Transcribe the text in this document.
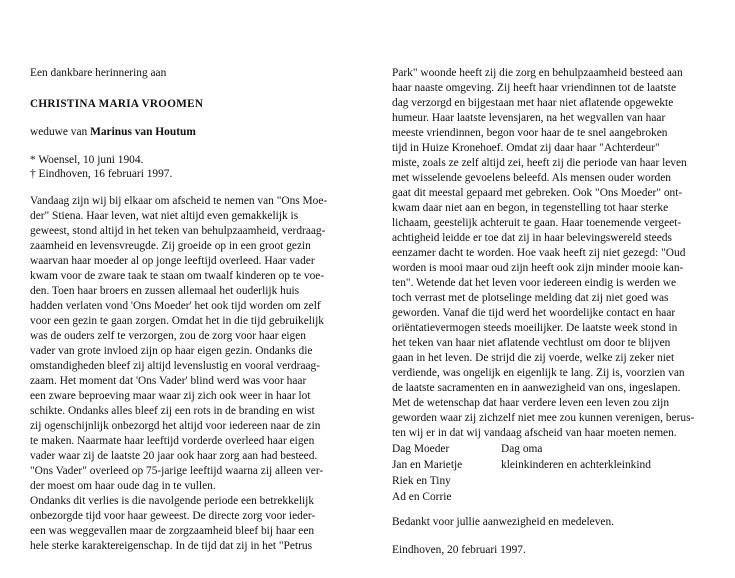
Een dankbare herinnering aan
CHRISTINA MARIA VROOMEN
weduwe van Marinus van Houtum
* Woensel, 10 juni 1904.
† Eindhoven, 16 februari 1997.
Vandaag zijn wij bij elkaar om afscheid te nemen van "Ons Moe-
der" Stiena. Haar leven, wat niet altijd even gemakkelijk is
geweest, stond altijd in het teken van behulpzaamheid, verdraag-
zaamheid en levensvreugde. Zij groeide op in een groot gezin
waarvan haar moeder al op jonge leeftijd overleed. Haar vader
kwam voor de zware taak te staan om twaalf kinderen op te voe-
den. Toen haar broers en zussen allemaal het ouderlijk huis
hadden verlaten vond 'Ons Moeder' het ook tijd worden om zelf
voor een gezin te gaan zorgen. Omdat het in die tijd gebruikelijk
was de ouders zelf te verzorgen, zou de zorg voor haar eigen
vader van grote invloed zijn op haar eigen gezin. Ondanks die
omstandigheden bleef zij altijd levenslustig en vooral verdraag-
zaam. Het moment dat 'Ons Vader' blind werd was voor haar
een zware beproeving maar waar zij zich ook weer in haar lot
schikte. Ondanks alles bleef zij een rots in de branding en wist
zij ogenschijnlijk onbezorgd het altijd voor iedereen naar de zin
te maken. Naarmate haar leeftijd vorderde overleed haar eigen
vader waar zij de laatste 20 jaar ook haar zorg aan had besteed.
"Ons Vader" overleed op 75-jarige leeftijd waarna zij alleen ver-
der moest om haar oude dag in te vullen.
Ondanks dit verlies is die navolgende periode een betrekkelijk
onbezorgde tijd voor haar geweest. De directe zorg voor ieder-
een was weggevallen maar de zorgzaamheid bleef bij haar een
hele sterke karaktereigenschap. In de tijd dat zij in het "Petrus
Park" woonde heeft zij die zorg en behulpzaamheid besteed aan
haar naaste omgeving. Zij heeft haar vriendinnen tot de laatste
dag verzorgd en bijgestaan met haar niet aflatende opgewekte
humeur. Haar laatste levensjaren, na het wegvallen van haar
meeste vriendinnen, begon voor haar de te snel aangebroken
tijd in Huize Kronehoef. Omdat zij daar haar "Achterdeur"
miste, zoals ze zelf altijd zei, heeft zij die periode van haar leven
met wisselende gevoelens beleefd. Als mensen ouder worden
gaat dit meestal gepaard met gebreken. Ook "Ons Moeder" ont-
kwam daar niet aan en begon, in tegenstelling tot haar sterke
lichaam, geestelijk achteruit te gaan. Haar toenemende vergeet-
achtigheid leidde er toe dat zij in haar belevingswereld steeds
eenzamer dacht te worden. Hoe vaak heeft zij niet gezegd: "Oud
worden is mooi maar oud zijn heeft ook zijn minder mooie kan-
ten". Wetende dat het leven voor iedereen eindig is werden we
toch verrast met de plotselinge melding dat zij niet goed was
geworden. Vanaf die tijd werd het woordelijke contact en haar
oriëntatievermogen steeds moeilijker. De laatste week stond in
het teken van haar niet aflatende vechtlust om door te blijven
gaan in het leven. De strijd die zij voerde, welke zij zeker niet
verdiende, was ongelijk en eigenlijk te lang. Zij is, voorzien van
de laatste sacramenten en in aanwezigheid van ons, ingeslapen.
Met de wetenschap dat haar verdere leven een leven zou zijn
geworden waar zij zichzelf niet mee zou kunnen verenigen, berus-
ten wij er in dat wij vandaag afscheid van haar moeten nemen.
Dag Moeder	Dag oma
Jan en Marietje	kleinkinderen en achterkleinkind
Riek en Tiny
Ad en Corrie
Bedankt voor jullie aanwezigheid en medeleven.
Eindhoven, 20 februari 1997.
